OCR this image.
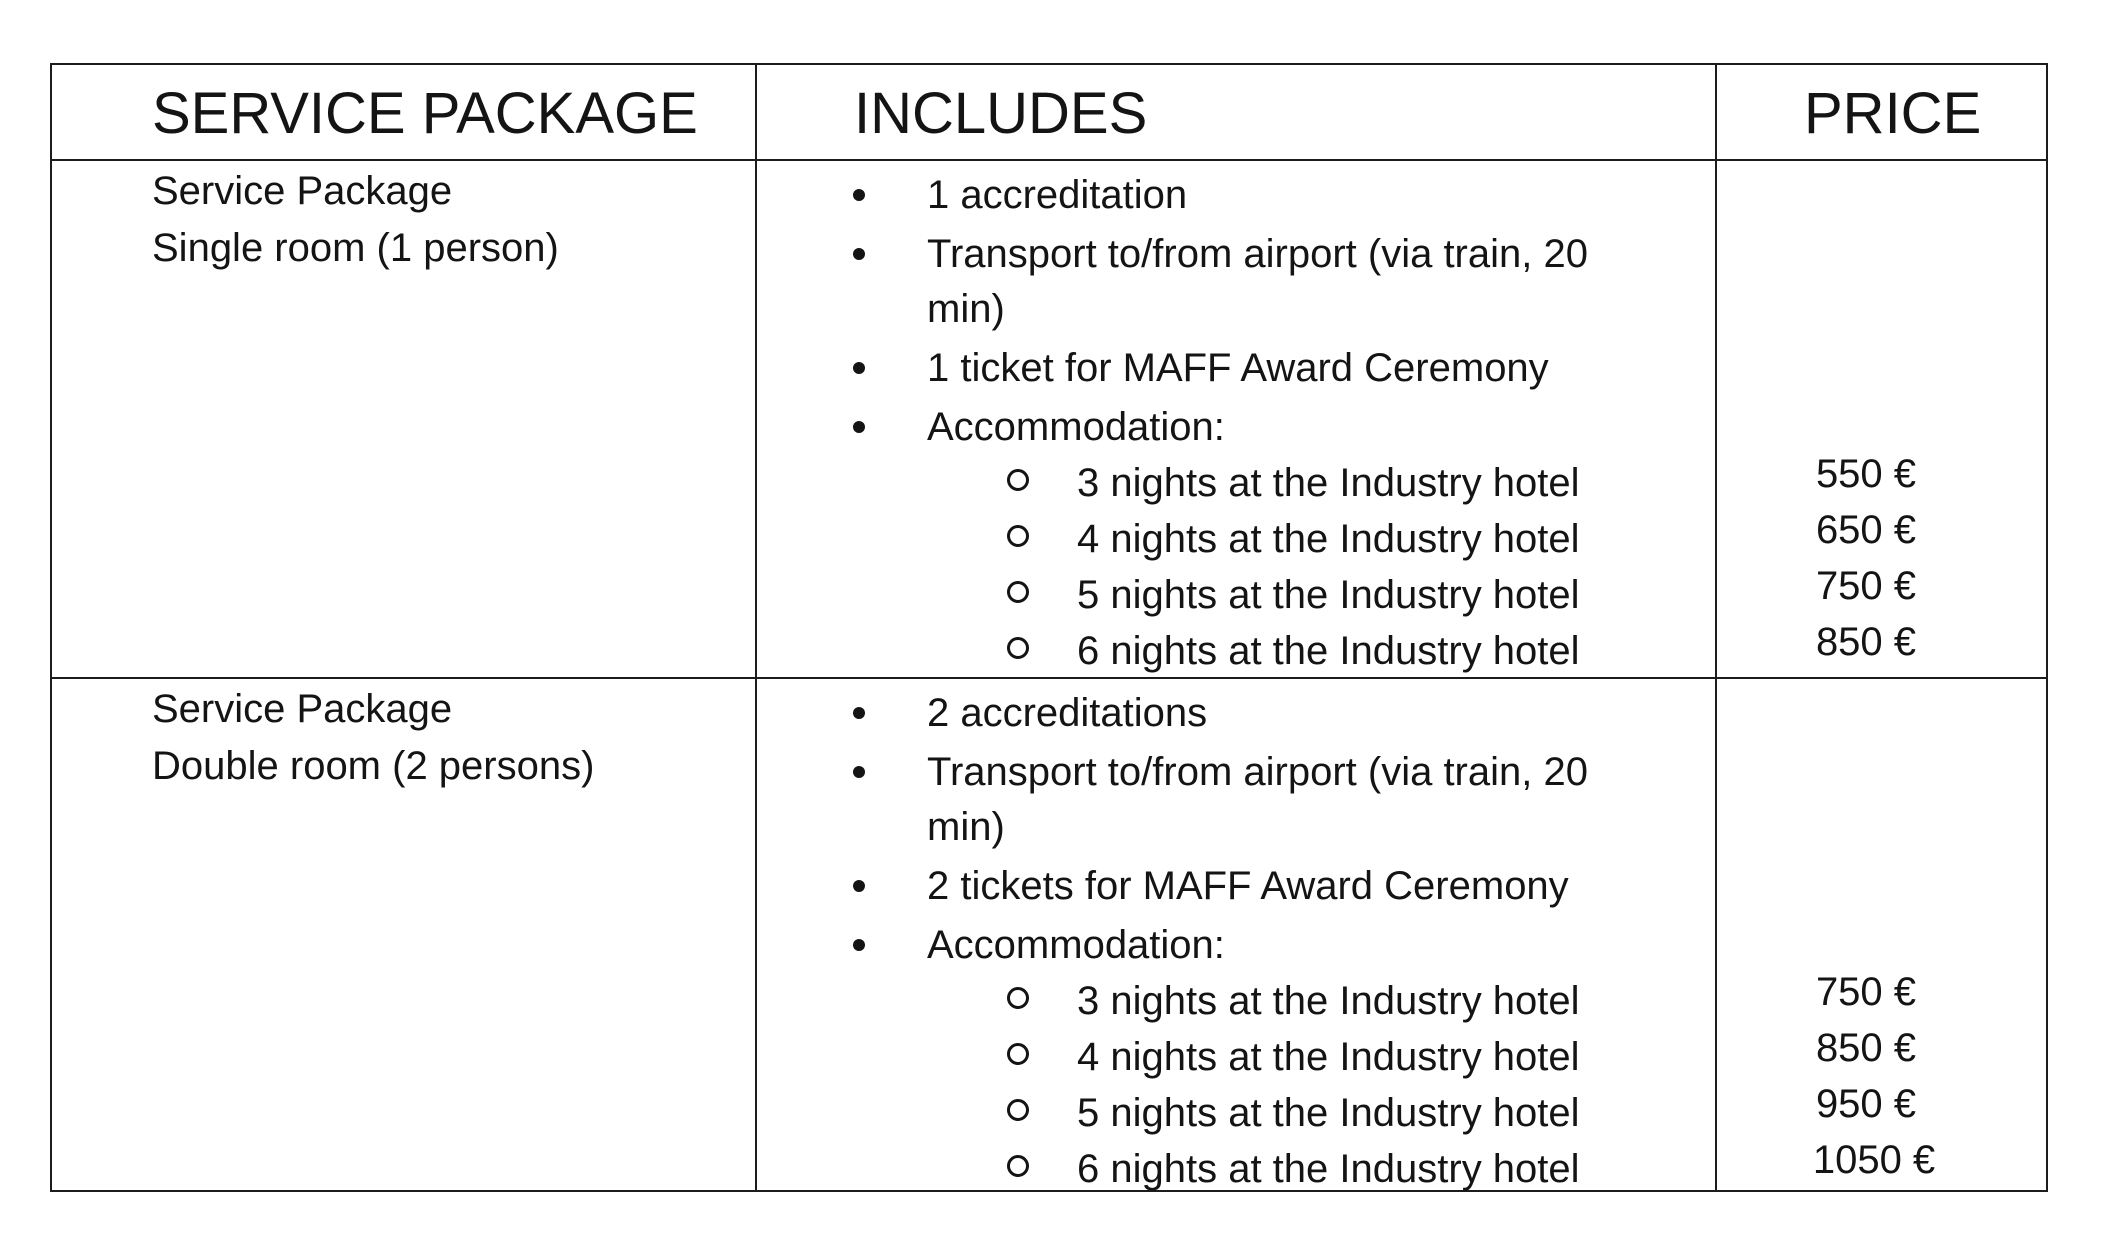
SERVICE PACKAGE	INCLUDES	PRICE
Service Package
Single room (1 person)
1 accreditation
Transport to/from airport (via train, 20
min)
1 ticket for MAFF Award Ceremony
Accommodation:
3 nights at the Industry hotel
4 nights at the Industry hotel
5 nights at the Industry hotel
6 nights at the Industry hotel
550 €
650 €
750 €
850 €
Service Package
Double room (2 persons)
2 accreditations
Transport to/from airport (via train, 20
min)
2 tickets for MAFF Award Ceremony
Accommodation:
3 nights at the Industry hotel
4 nights at the Industry hotel
5 nights at the Industry hotel
6 nights at the Industry hotel
750 €
850 €
950 €
1050 €
